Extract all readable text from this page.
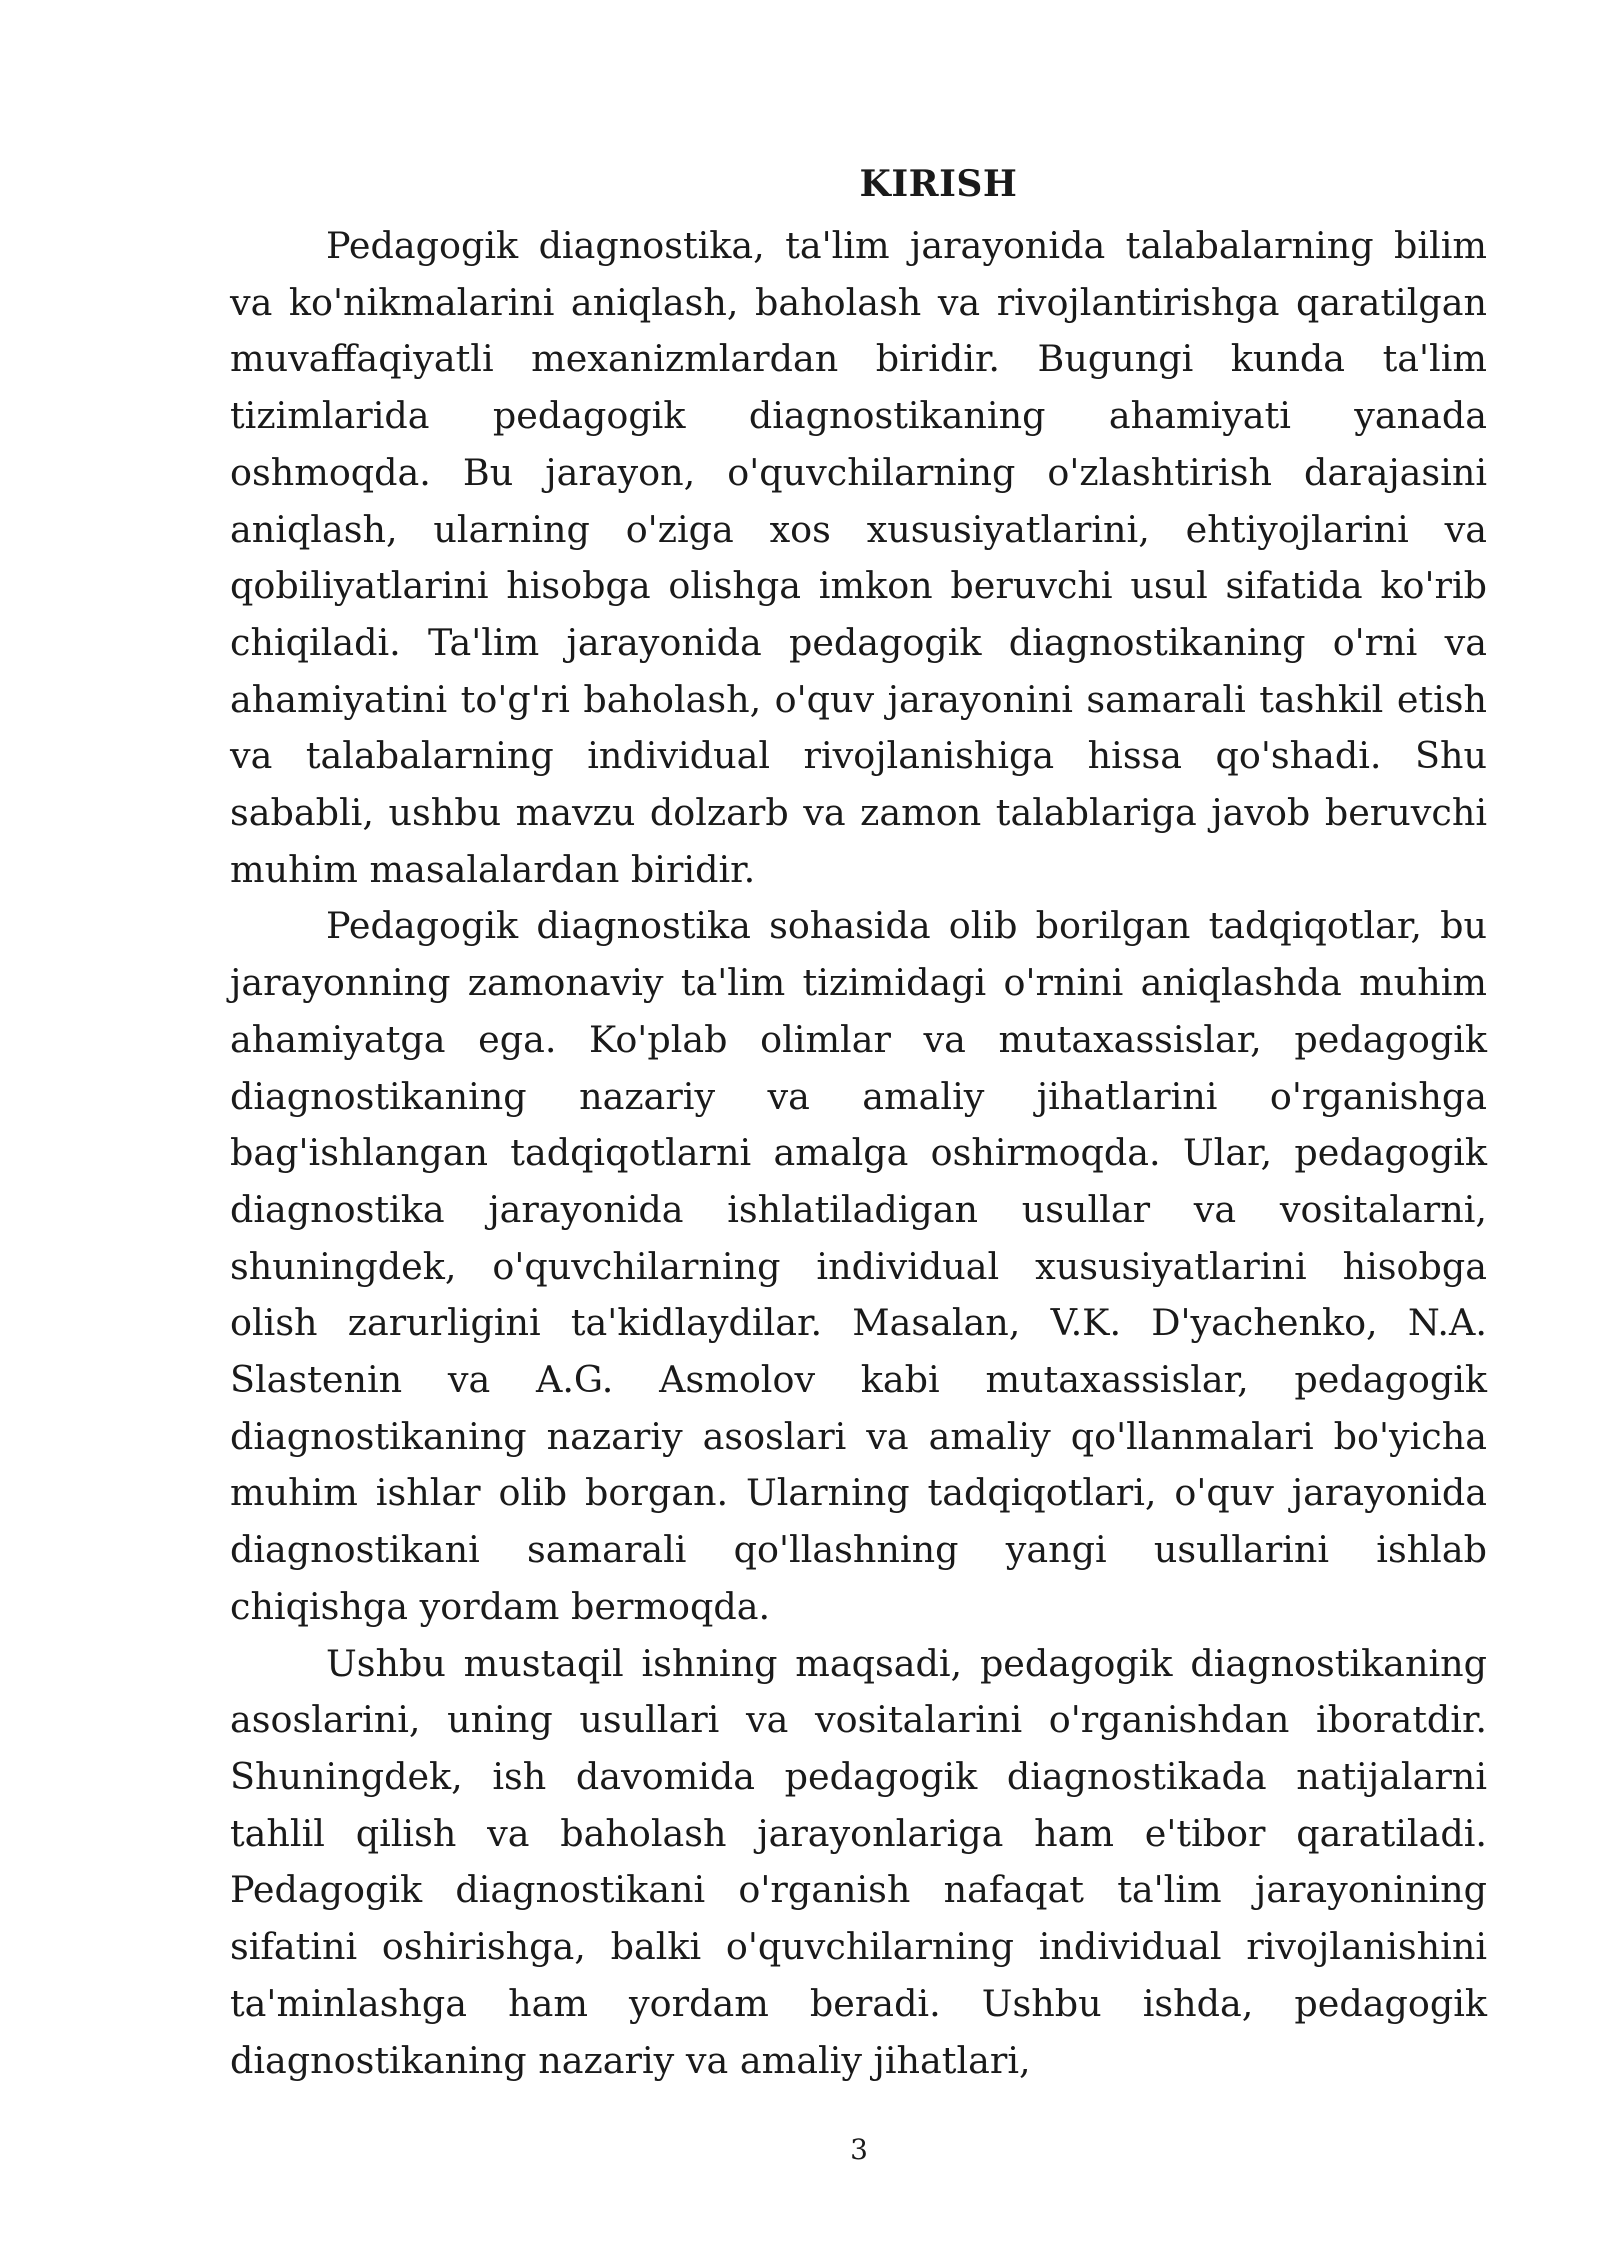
KIRISH

Pedagogik diagnostika, ta'lim jarayonida talabalarning bilim va ko'nikmalarini aniqlash, baholash va rivojlantirishga qaratilgan muvaffaqiyatli mexanizmlardan biridir. Bugungi kunda ta'lim tizimlarida pedagogik diagnostikaning ahamiyati yanada oshmoqda. Bu jarayon, o'quvchilarning o'zlashtirish darajasini aniqlash, ularning o'ziga xos xususiyatlarini, ehtiyojlarini va qobiliyatlarini hisobga olishga imkon beruvchi usul sifatida ko'rib chiqiladi. Ta'lim jarayonida pedagogik diagnostikaning o'rni va ahamiyatini to'g'ri baholash, o'quv jarayonini samarali tashkil etish va talabalarning individual rivojlanishiga hissa qo'shadi. Shu sababli, ushbu mavzu dolzarb va zamon talablariga javob beruvchi muhim masalalardan biridir.

Pedagogik diagnostika sohasida olib borilgan tadqiqotlar, bu jarayonning zamonaviy ta'lim tizimidagi o'rnini aniqlashda muhim ahamiyatga ega. Ko'plab olimlar va mutaxassislar, pedagogik diagnostikaning nazariy va amaliy jihatlarini o'rganishga bag'ishlangan tadqiqotlarni amalga oshirmoqda. Ular, pedagogik diagnostika jarayonida ishlatiladigan usullar va vositalarni, shuningdek, o'quvchilarning individual xususiyatlarini hisobga olish zarurligini ta'kidlaydilar. Masalan, V.K. D'yachenko, N.A. Slastenin va A.G. Asmolov kabi mutaxassislar, pedagogik diagnostikaning nazariy asoslari va amaliy qo'llanmalari bo'yicha muhim ishlar olib borgan. Ularning tadqiqotlari, o'quv jarayonida diagnostikani samarali qo'llashning yangi usullarini ishlab chiqishga yordam bermoqda.

Ushbu mustaqil ishning maqsadi, pedagogik diagnostikaning asoslarini, uning usullari va vositalarini o'rganishdan iboratdir. Shuningdek, ish davomida pedagogik diagnostikada natijalarni tahlil qilish va baholash jarayonlariga ham e'tibor qaratiladi. Pedagogik diagnostikani o'rganish nafaqat ta'lim jarayonining sifatini oshirishga, balki o'quvchilarning individual rivojlanishini ta'minlashga ham yordam beradi. Ushbu ishda, pedagogik diagnostikaning nazariy va amaliy jihatlari,

3
